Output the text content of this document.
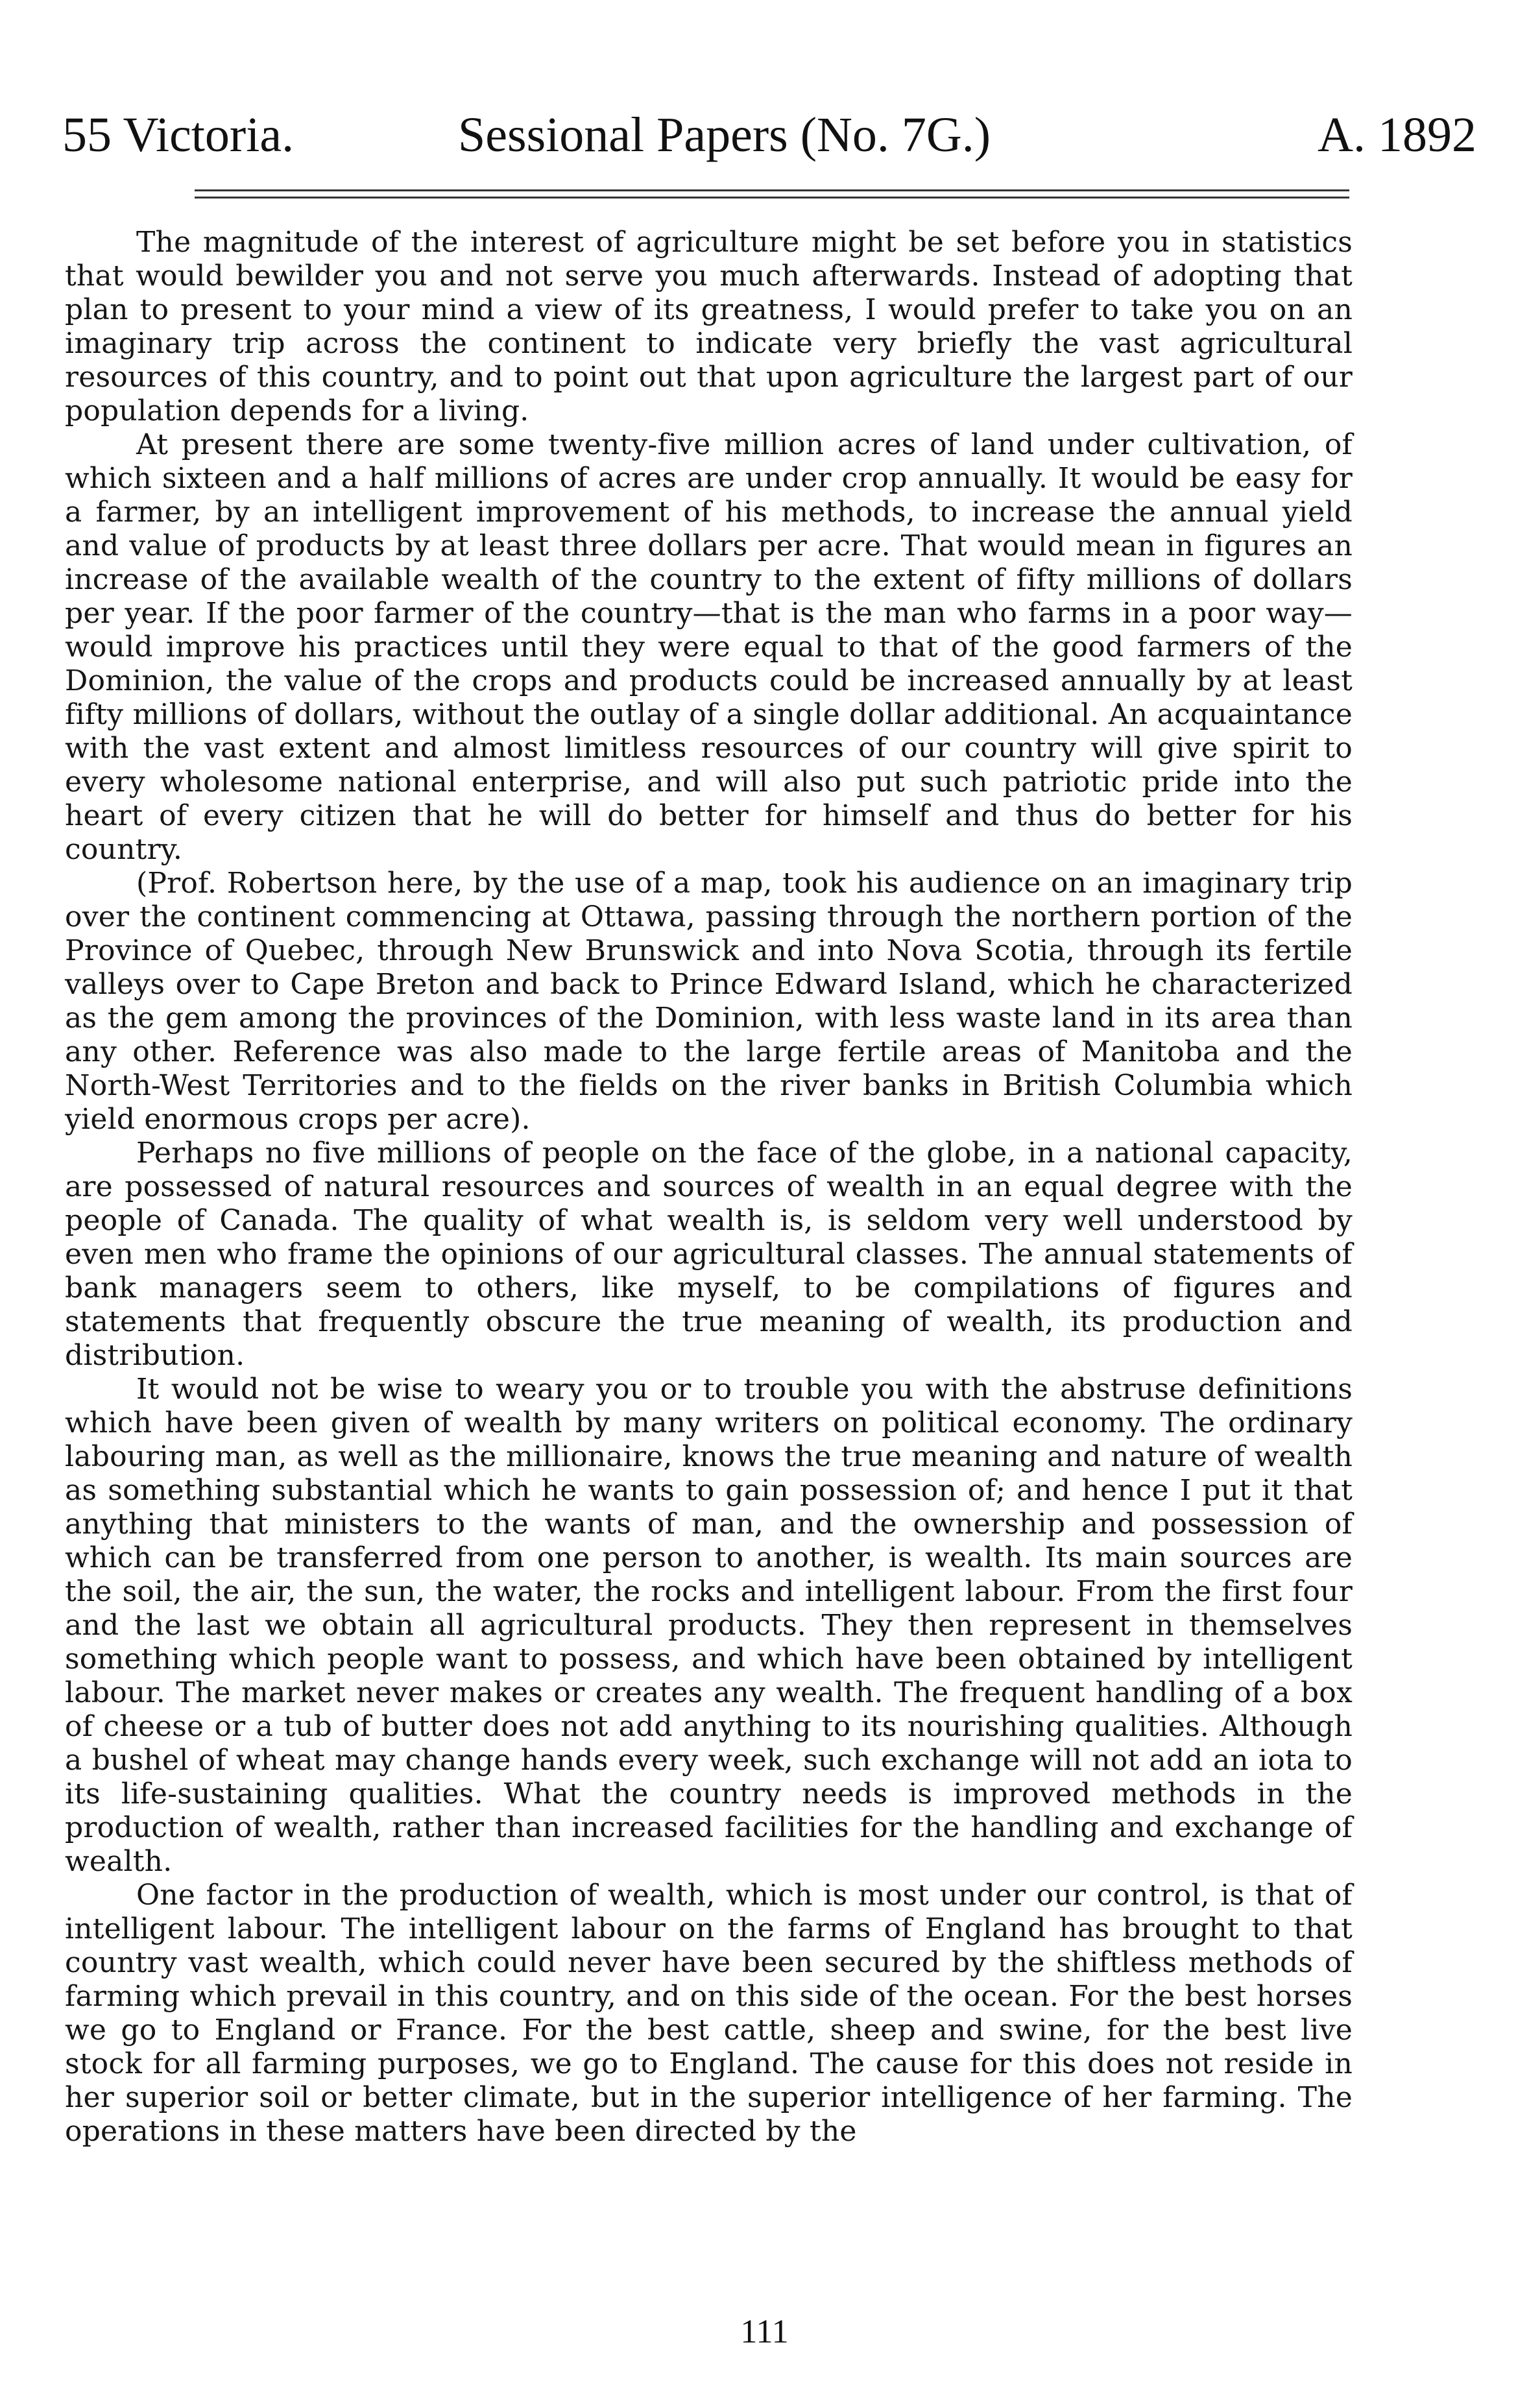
55 Victoria.	Sessional Papers (No. 7G.)	A. 1892

The magnitude of the interest of agriculture might be set before you in statistics that would bewilder you and not serve you much afterwards. Instead of adopting that plan to present to your mind a view of its greatness, I would prefer to take you on an imaginary trip across the continent to indicate very briefly the vast agricultural resources of this country, and to point out that upon agriculture the largest part of our population depends for a living.

At present there are some twenty-five million acres of land under cultivation, of which sixteen and a half millions of acres are under crop annually. It would be easy for a farmer, by an intelligent improvement of his methods, to increase the annual yield and value of products by at least three dollars per acre. That would mean in figures an increase of the available wealth of the country to the extent of fifty millions of dollars per year. If the poor farmer of the country—that is the man who farms in a poor way—would improve his practices until they were equal to that of the good farmers of the Dominion, the value of the crops and products could be increased annually by at least fifty millions of dollars, without the outlay of a single dollar additional. An acquaintance with the vast extent and almost limitless resources of our country will give spirit to every wholesome national enterprise, and will also put such patriotic pride into the heart of every citizen that he will do better for himself and thus do better for his country.

(Prof. Robertson here, by the use of a map, took his audience on an imaginary trip over the continent commencing at Ottawa, passing through the northern portion of the Province of Quebec, through New Brunswick and into Nova Scotia, through its fertile valleys over to Cape Breton and back to Prince Edward Island, which he characterized as the gem among the provinces of the Dominion, with less waste land in its area than any other. Reference was also made to the large fertile areas of Manitoba and the North-West Territories and to the fields on the river banks in British Columbia which yield enormous crops per acre).

Perhaps no five millions of people on the face of the globe, in a national capacity, are possessed of natural resources and sources of wealth in an equal degree with the people of Canada. The quality of what wealth is, is seldom very well understood by even men who frame the opinions of our agricultural classes. The annual statements of bank managers seem to others, like myself, to be compilations of figures and statements that frequently obscure the true meaning of wealth, its production and distribution.

It would not be wise to weary you or to trouble you with the abstruse definitions which have been given of wealth by many writers on political economy. The ordinary labouring man, as well as the millionaire, knows the true meaning and nature of wealth as something substantial which he wants to gain possession of; and hence I put it that anything that ministers to the wants of man, and the ownership and possession of which can be transferred from one person to another, is wealth. Its main sources are the soil, the air, the sun, the water, the rocks and intelligent labour. From the first four and the last we obtain all agricultural products. They then represent in themselves something which people want to possess, and which have been obtained by intelligent labour. The market never makes or creates any wealth. The frequent handling of a box of cheese or a tub of butter does not add anything to its nourishing qualities. Although a bushel of wheat may change hands every week, such exchange will not add an iota to its life-sustaining qualities. What the country needs is improved methods in the production of wealth, rather than increased facilities for the handling and exchange of wealth.

One factor in the production of wealth, which is most under our control, is that of intelligent labour. The intelligent labour on the farms of England has brought to that country vast wealth, which could never have been secured by the shiftless methods of farming which prevail in this country, and on this side of the ocean. For the best horses we go to England or France. For the best cattle, sheep and swine, for the best live stock for all farming purposes, we go to England. The cause for this does not reside in her superior soil or better climate, but in the superior intelligence of her farming. The operations in these matters have been directed by the

111
